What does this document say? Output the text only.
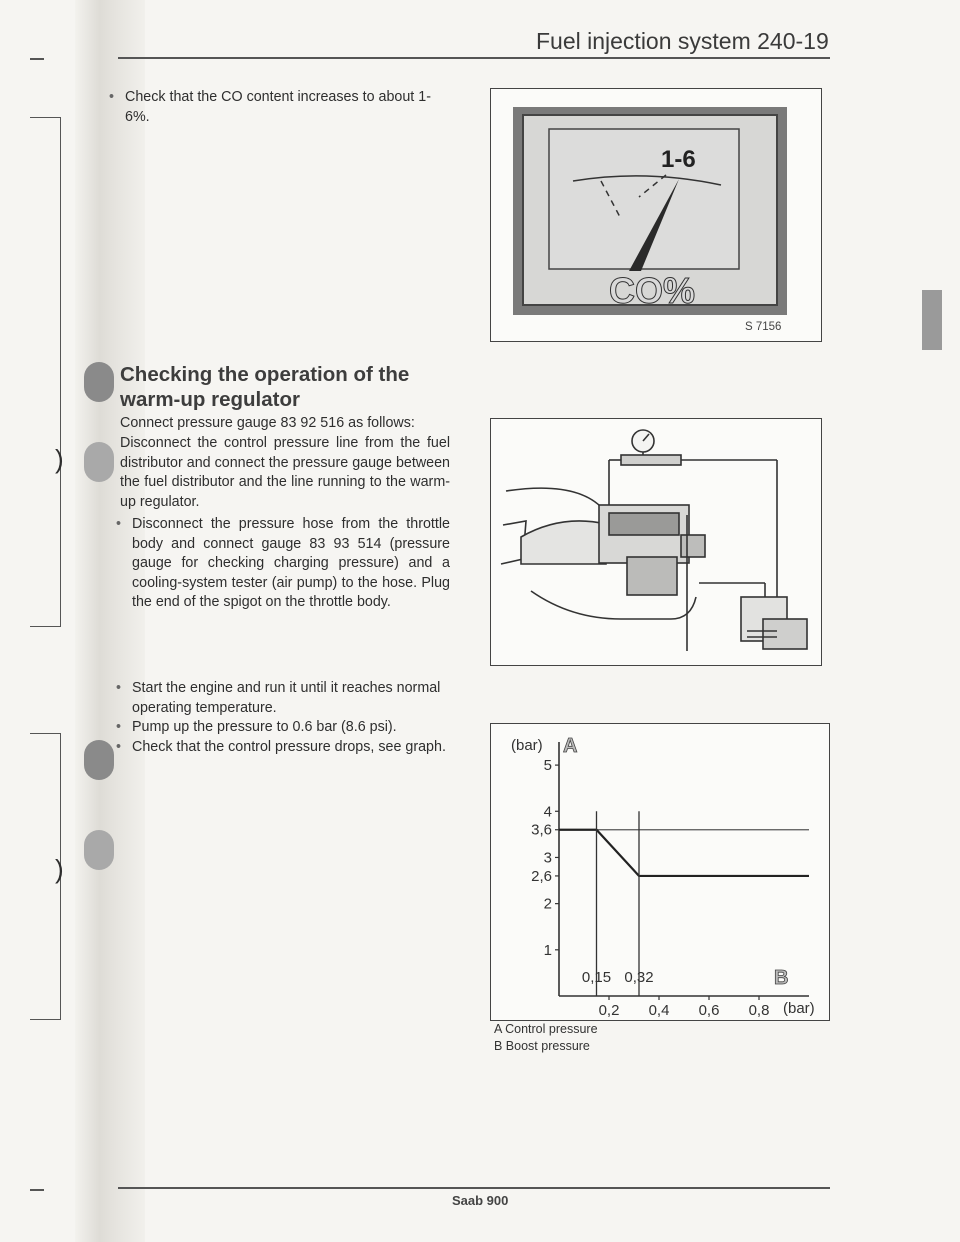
)
)
Fuel injection system 240-19
• Check that the CO content increases to about 1-6%.
1-6
CO%
S 7156
Checking the operation of the warm-up regulator
Connect pressure gauge 83 92 516 as follows:
Disconnect the control pressure line from the fuel distributor and connect the pressure gauge between the fuel distributor and the line running to the warm-up regulator.
• Disconnect the pressure hose from the throttle body and connect gauge 83 93 514 (pressure gauge for checking charging pressure) and a cooling-system tester (air pump) to the hose. Plug the end of the spigot on the throttle body.
• Start the engine and run it until it reaches normal operating temperature.
• Pump up the pressure to 0.6 bar (8.6 psi).
• Check that the control pressure drops, see graph.	(bar) A
B
(bar)
5
4
3,6
3
2,6
2
1
0,2 0,4 0,6 0,8
0,15 0,32
A Control pressure
B Boost pressure
Saab 900
